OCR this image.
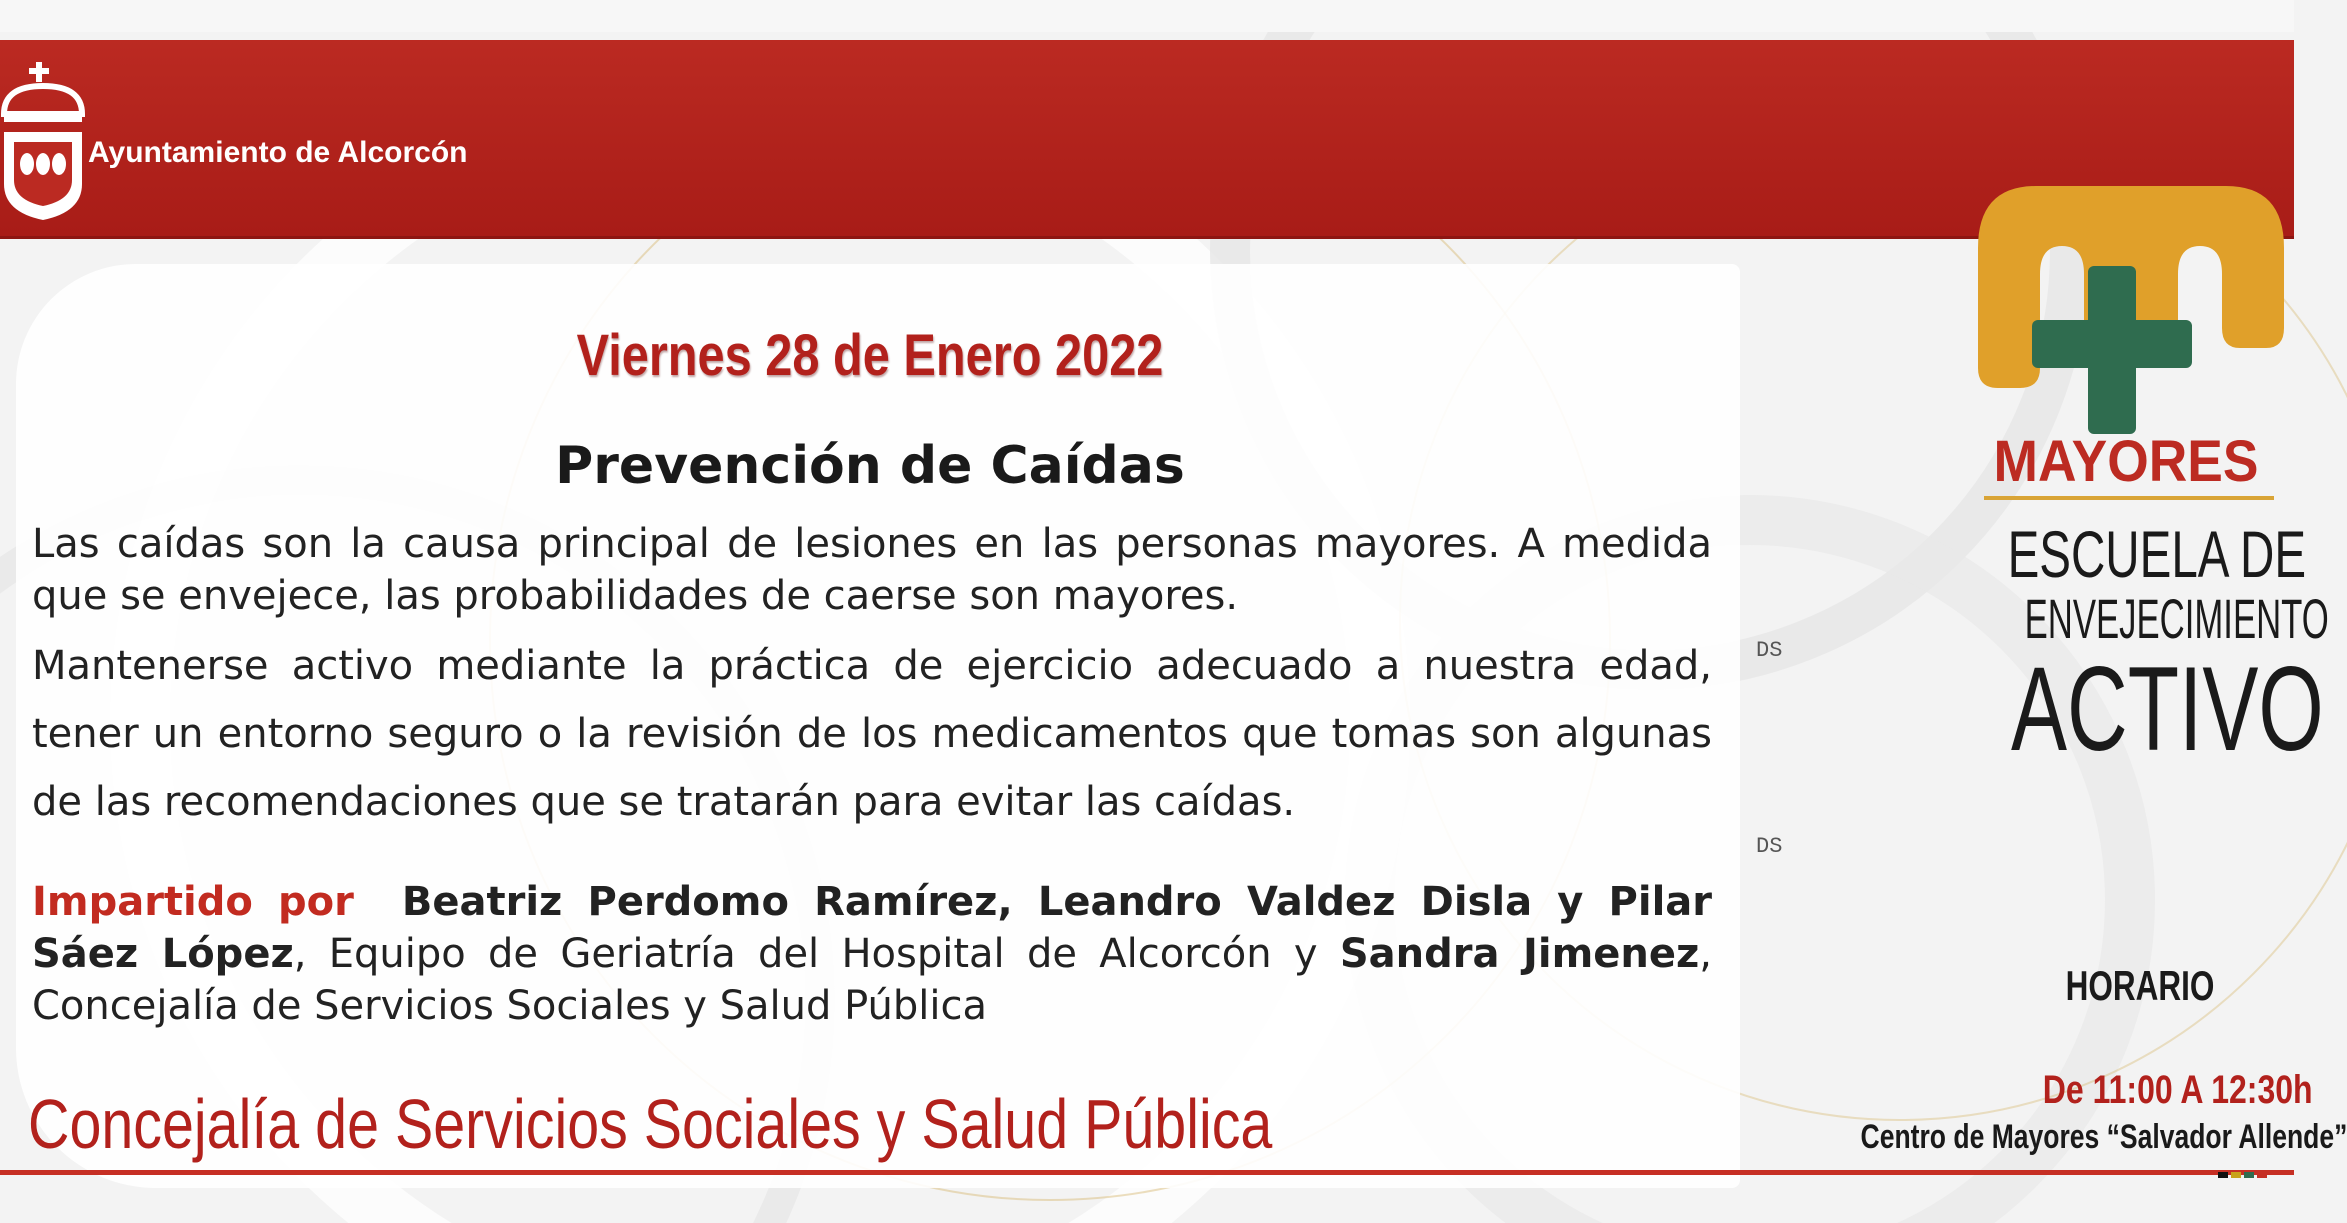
Ayuntamiento de Alcorcón
Viernes 28 de Enero 2022
Prevención de Caídas

Las caídas son la causa principal de lesiones en las personas mayores. A medida que se envejece, las probabilidades de caerse son mayores.

Mantenerse activo mediante la práctica de ejercicio adecuado a nuestra edad, tener un entorno seguro o la revisión de los medicamentos que tomas son algunas de las recomendaciones que se tratarán para evitar las caídas.

Impartido por Beatriz Perdomo Ramírez, Leandro Valdez Disla y Pilar Sáez López, Equipo de Geriatría del Hospital de Alcorcón y Sandra Jimenez, Concejalía de Servicios Sociales y Salud Pública

DS
DS
Concejalía de Servicios Sociales y Salud Pública
MAYORES
ESCUELA DE
ENVEJECIMIENTO
ACTIVO
HORARIO
De 11:00 A 12:30h
Centro de Mayores “Salvador Allende”
